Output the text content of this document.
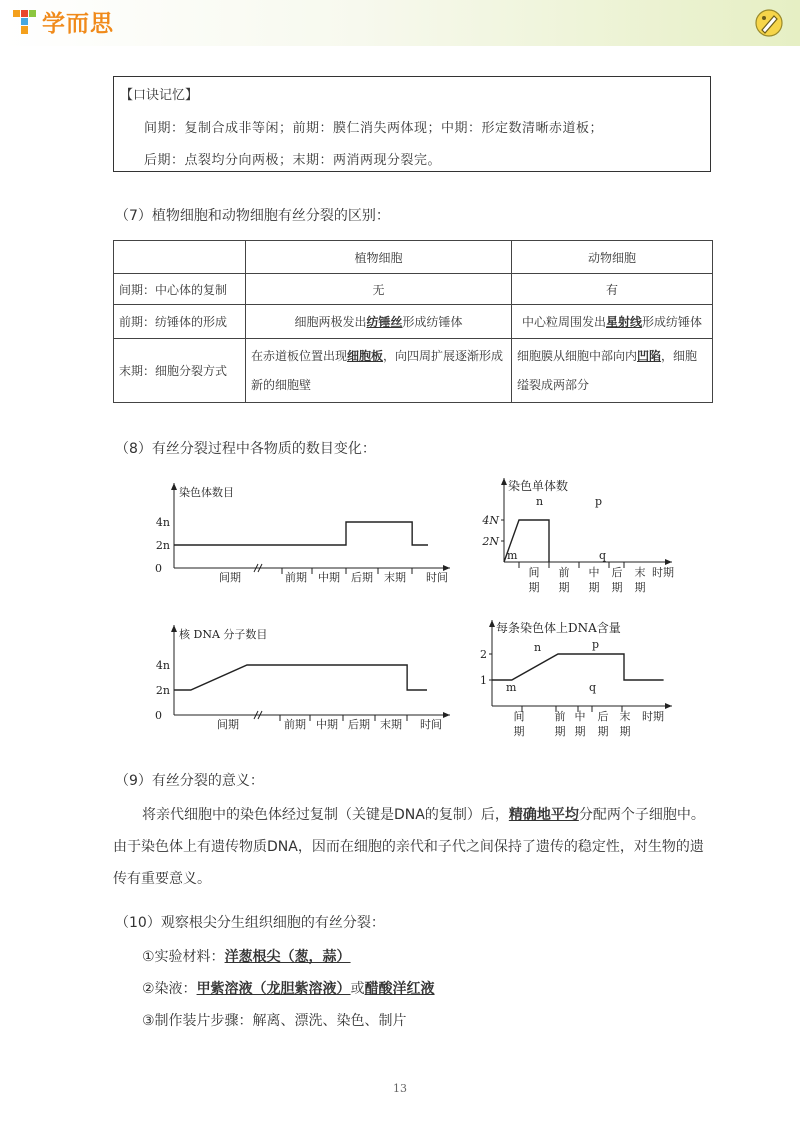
学而思
【口诀记忆】
间期：复制合成非等闲；前期：膜仁消失两体现；中期：形定数清晰赤道板；
后期：点裂均分向两极；末期：两消两现分裂完。
（7）植物细胞和动物细胞有丝分裂的区别：
	植物细胞	动物细胞
间期：中心体的复制	无	有
前期：纺锤体的形成	细胞两极发出纺锤丝形成纺锤体	中心粒周围发出星射线形成纺锤体
末期：细胞分裂方式	在赤道板位置出现细胞板，向四周扩展逐渐形成新的细胞壁	细胞膜从细胞中部向内凹陷，细胞缢裂成两部分
（8）有丝分裂过程中各物质的数目变化：
染色体数目
0
2n
4n
间期	前期 中期 后期 末期 时间
染色单体数
2N
4N
间期
前期
中期
后期
末期
时期
m
n	p
q
核 DNA 分子数目
0
2n
4n
间期	前期 中期 后期 末期 时间
每条染色体上DNA含量
1
2
间期
前期
中期
后期
末期
时期
m
n	p
q
（9）有丝分裂的意义：
将亲代细胞中的染色体经过复制（关键是DNA的复制）后，精确地平均分配两个子细胞中。
由于染色体上有遗传物质DNA，因而在细胞的亲代和子代之间保持了遗传的稳定性，对生物的遗
传有重要意义。
（10）观察根尖分生组织细胞的有丝分裂：
①实验材料：洋葱根尖（葱，蒜）
②染液：甲紫溶液（龙胆紫溶液）或醋酸洋红液
③制作装片步骤：解离、漂洗、染色、制片
13
